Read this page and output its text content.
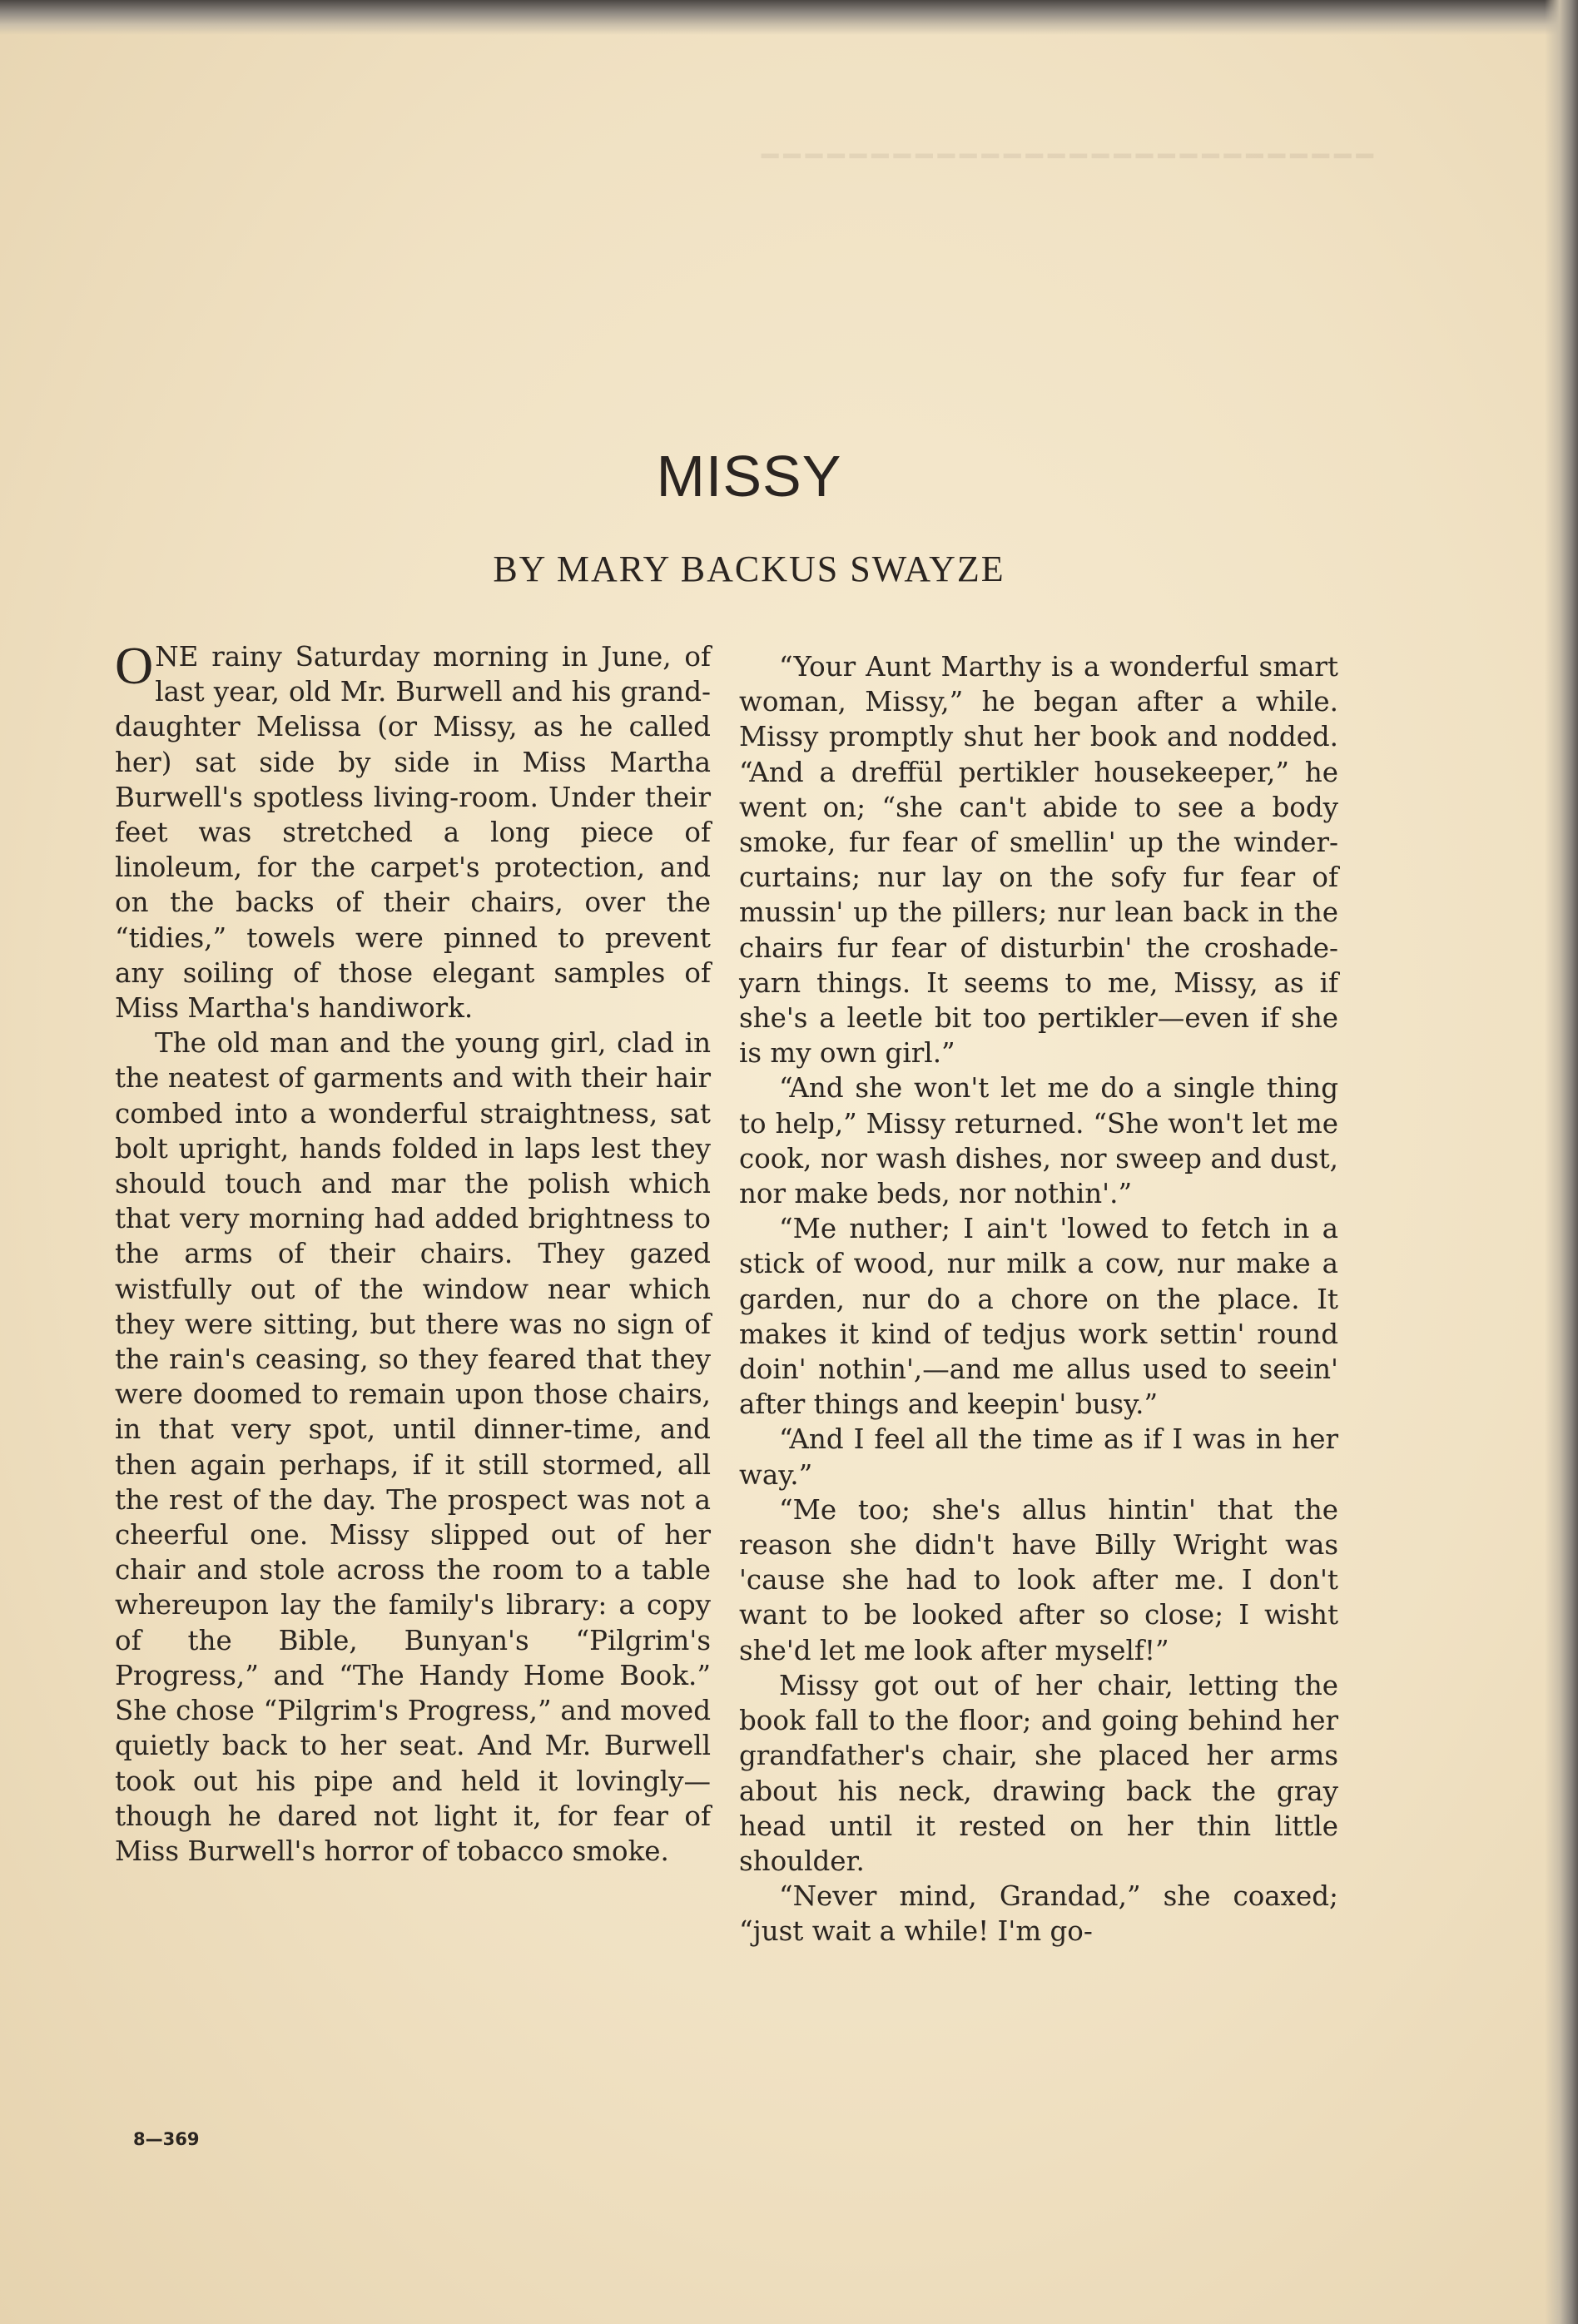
━━━━━━━━━━━━━━━━━━━━━━━━━━━━
MISSY
BY MARY BACKUS SWAYZE

ONE rainy Saturday morning in June, of last year, old Mr. Burwell and his grand-daughter Melissa (or Missy, as he called her) sat side by side in Miss Martha Burwell's spotless living-room. Under their feet was stretched a long piece of linoleum, for the carpet's protection, and on the backs of their chairs, over the “tidies,” towels were pinned to prevent any soiling of those elegant samples of Miss Martha's handiwork.

The old man and the young girl, clad in the neatest of garments and with their hair combed into a wonderful straightness, sat bolt upright, hands folded in laps lest they should touch and mar the polish which that very morning had added brightness to the arms of their chairs. They gazed wistfully out of the window near which they were sitting, but there was no sign of the rain's ceasing, so they feared that they were doomed to remain upon those chairs, in that very spot, until dinner-time, and then again perhaps, if it still stormed, all the rest of the day. The prospect was not a cheerful one. Missy slipped out of her chair and stole across the room to a table whereupon lay the family's library: a copy of the Bible, Bunyan's “Pilgrim's Progress,” and “The Handy Home Book.” She chose “Pilgrim's Progress,” and moved quietly back to her seat. And Mr. Burwell took out his pipe and held it lovingly—though he dared not light it, for fear of Miss Burwell's horror of tobacco smoke.

“Your Aunt Marthy is a wonderful smart woman, Missy,” he began after a while. Missy promptly shut her book and nodded. “And a dreffül pertikler housekeeper,” he went on; “she can't abide to see a body smoke, fur fear of smellin' up the winder-curtains; nur lay on the sofy fur fear of mussin' up the pillers; nur lean back in the chairs fur fear of disturbin' the croshade-yarn things. It seems to me, Missy, as if she's a leetle bit too pertikler—even if she is my own girl.”

“And she won't let me do a single thing to help,” Missy returned. “She won't let me cook, nor wash dishes, nor sweep and dust, nor make beds, nor nothin'.”

“Me nuther; I ain't 'lowed to fetch in a stick of wood, nur milk a cow, nur make a garden, nur do a chore on the place. It makes it kind of tedjus work settin' round doin' nothin',—and me allus used to seein' after things and keepin' busy.”

“And I feel all the time as if I was in her way.”

“Me too; she's allus hintin' that the reason she didn't have Billy Wright was 'cause she had to look after me. I don't want to be looked after so close; I wisht she'd let me look after myself!”

Missy got out of her chair, letting the book fall to the floor; and going behind her grandfather's chair, she placed her arms about his neck, drawing back the gray head until it rested on her thin little shoulder.

“Never mind, Grandad,” she coaxed; “just wait a while! I'm go-

8—369
